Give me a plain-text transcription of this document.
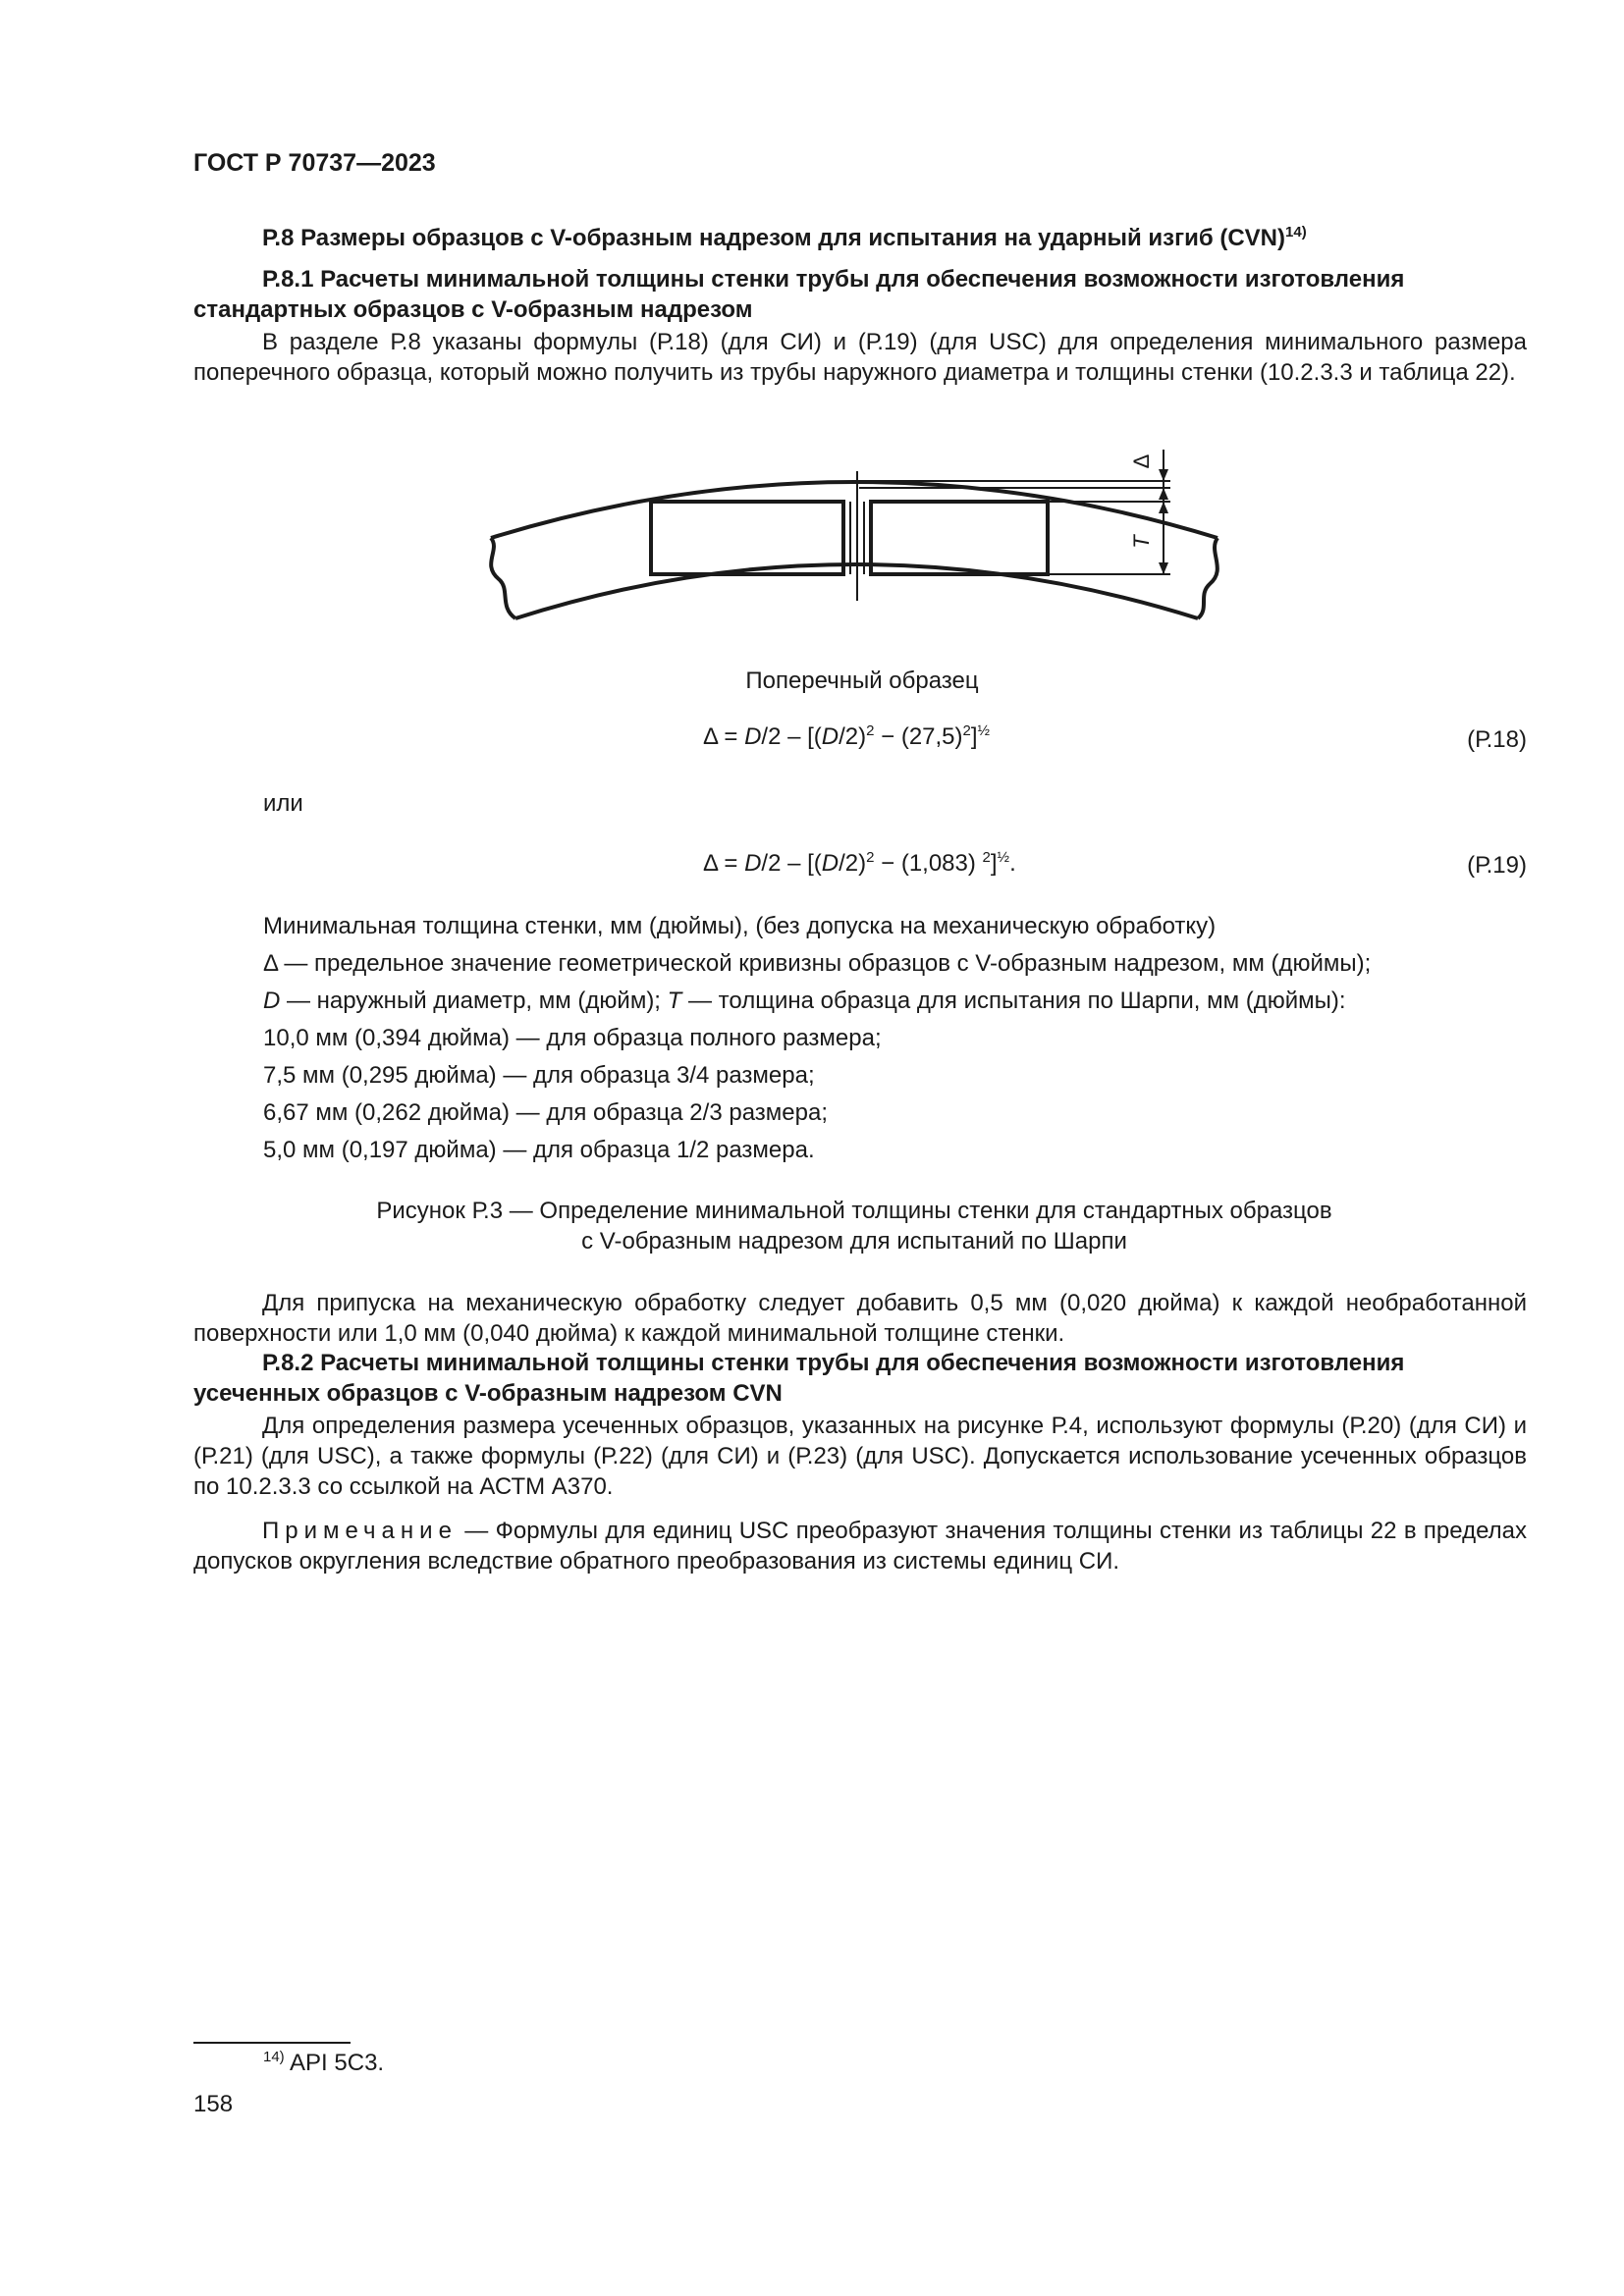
ГОСТ Р 70737—2023
Р.8 Размеры образцов с V-образным надрезом для испытания на ударный изгиб (CVN)$^{14)}$
Р.8.1 Расчеты минимальной толщины стенки трубы для обеспечения возможности изготовления
стандартных образцов с V-образным надрезом
В разделе Р.8 указаны формулы (Р.18) (для СИ) и (Р.19) (для USC) для определения минимального размера поперечного образца, который можно получить из трубы наружного диаметра и толщины стенки (10.2.3.3 и таблица 22).
Δ
T
Поперечный образец
$\Delta = D/2 - [(D/2)^2 - (27,5)^2]^{\frac{1}{2}}$	(Р.18)
или
$\Delta = D/2 - [(D/2)^2 - (1,083)$ $^2$]$^{\frac{1}{2}}$.	(Р.19)
Минимальная толщина стенки, мм (дюймы), (без допуска на механическую обработку)
Δ — предельное значение геометрической кривизны образцов с V-образным надрезом, мм (дюймы);
D — наружный диаметр, мм (дюйм); T — толщина образца для испытания по Шарпи, мм (дюймы):
10,0 мм (0,394 дюйма) — для образца полного размера;
7,5 мм (0,295 дюйма) — для образца 3/4 размера;
6,67 мм (0,262 дюйма) — для образца 2/3 размера;
5,0 мм (0,197 дюйма) — для образца 1/2 размера.
Рисунок Р.3 — Определение минимальной толщины стенки для стандартных образцов
с V-образным надрезом для испытаний по Шарпи
Для припуска на механическую обработку следует добавить 0,5 мм (0,020 дюйма) к каждой необработанной поверхности или 1,0 мм (0,040 дюйма) к каждой минимальной толщине стенки.
Р.8.2 Расчеты минимальной толщины стенки трубы для обеспечения возможности изготовления
усеченных образцов с V-образным надрезом CVN
Для определения размера усеченных образцов, указанных на рисунке Р.4, используют формулы (Р.20) (для СИ) и (Р.21) (для USC), а также формулы (Р.22) (для СИ) и (Р.23) (для USC). Допускается использование усеченных образцов по 10.2.3.3 со ссылкой на АСТМ А370.
Примечание — Формулы для единиц USC преобразуют значения толщины стенки из таблицы 22 в пределах допусков округления вследствие обратного преобразования из системы единиц СИ.
$^{14)}$ API 5C3.
158
